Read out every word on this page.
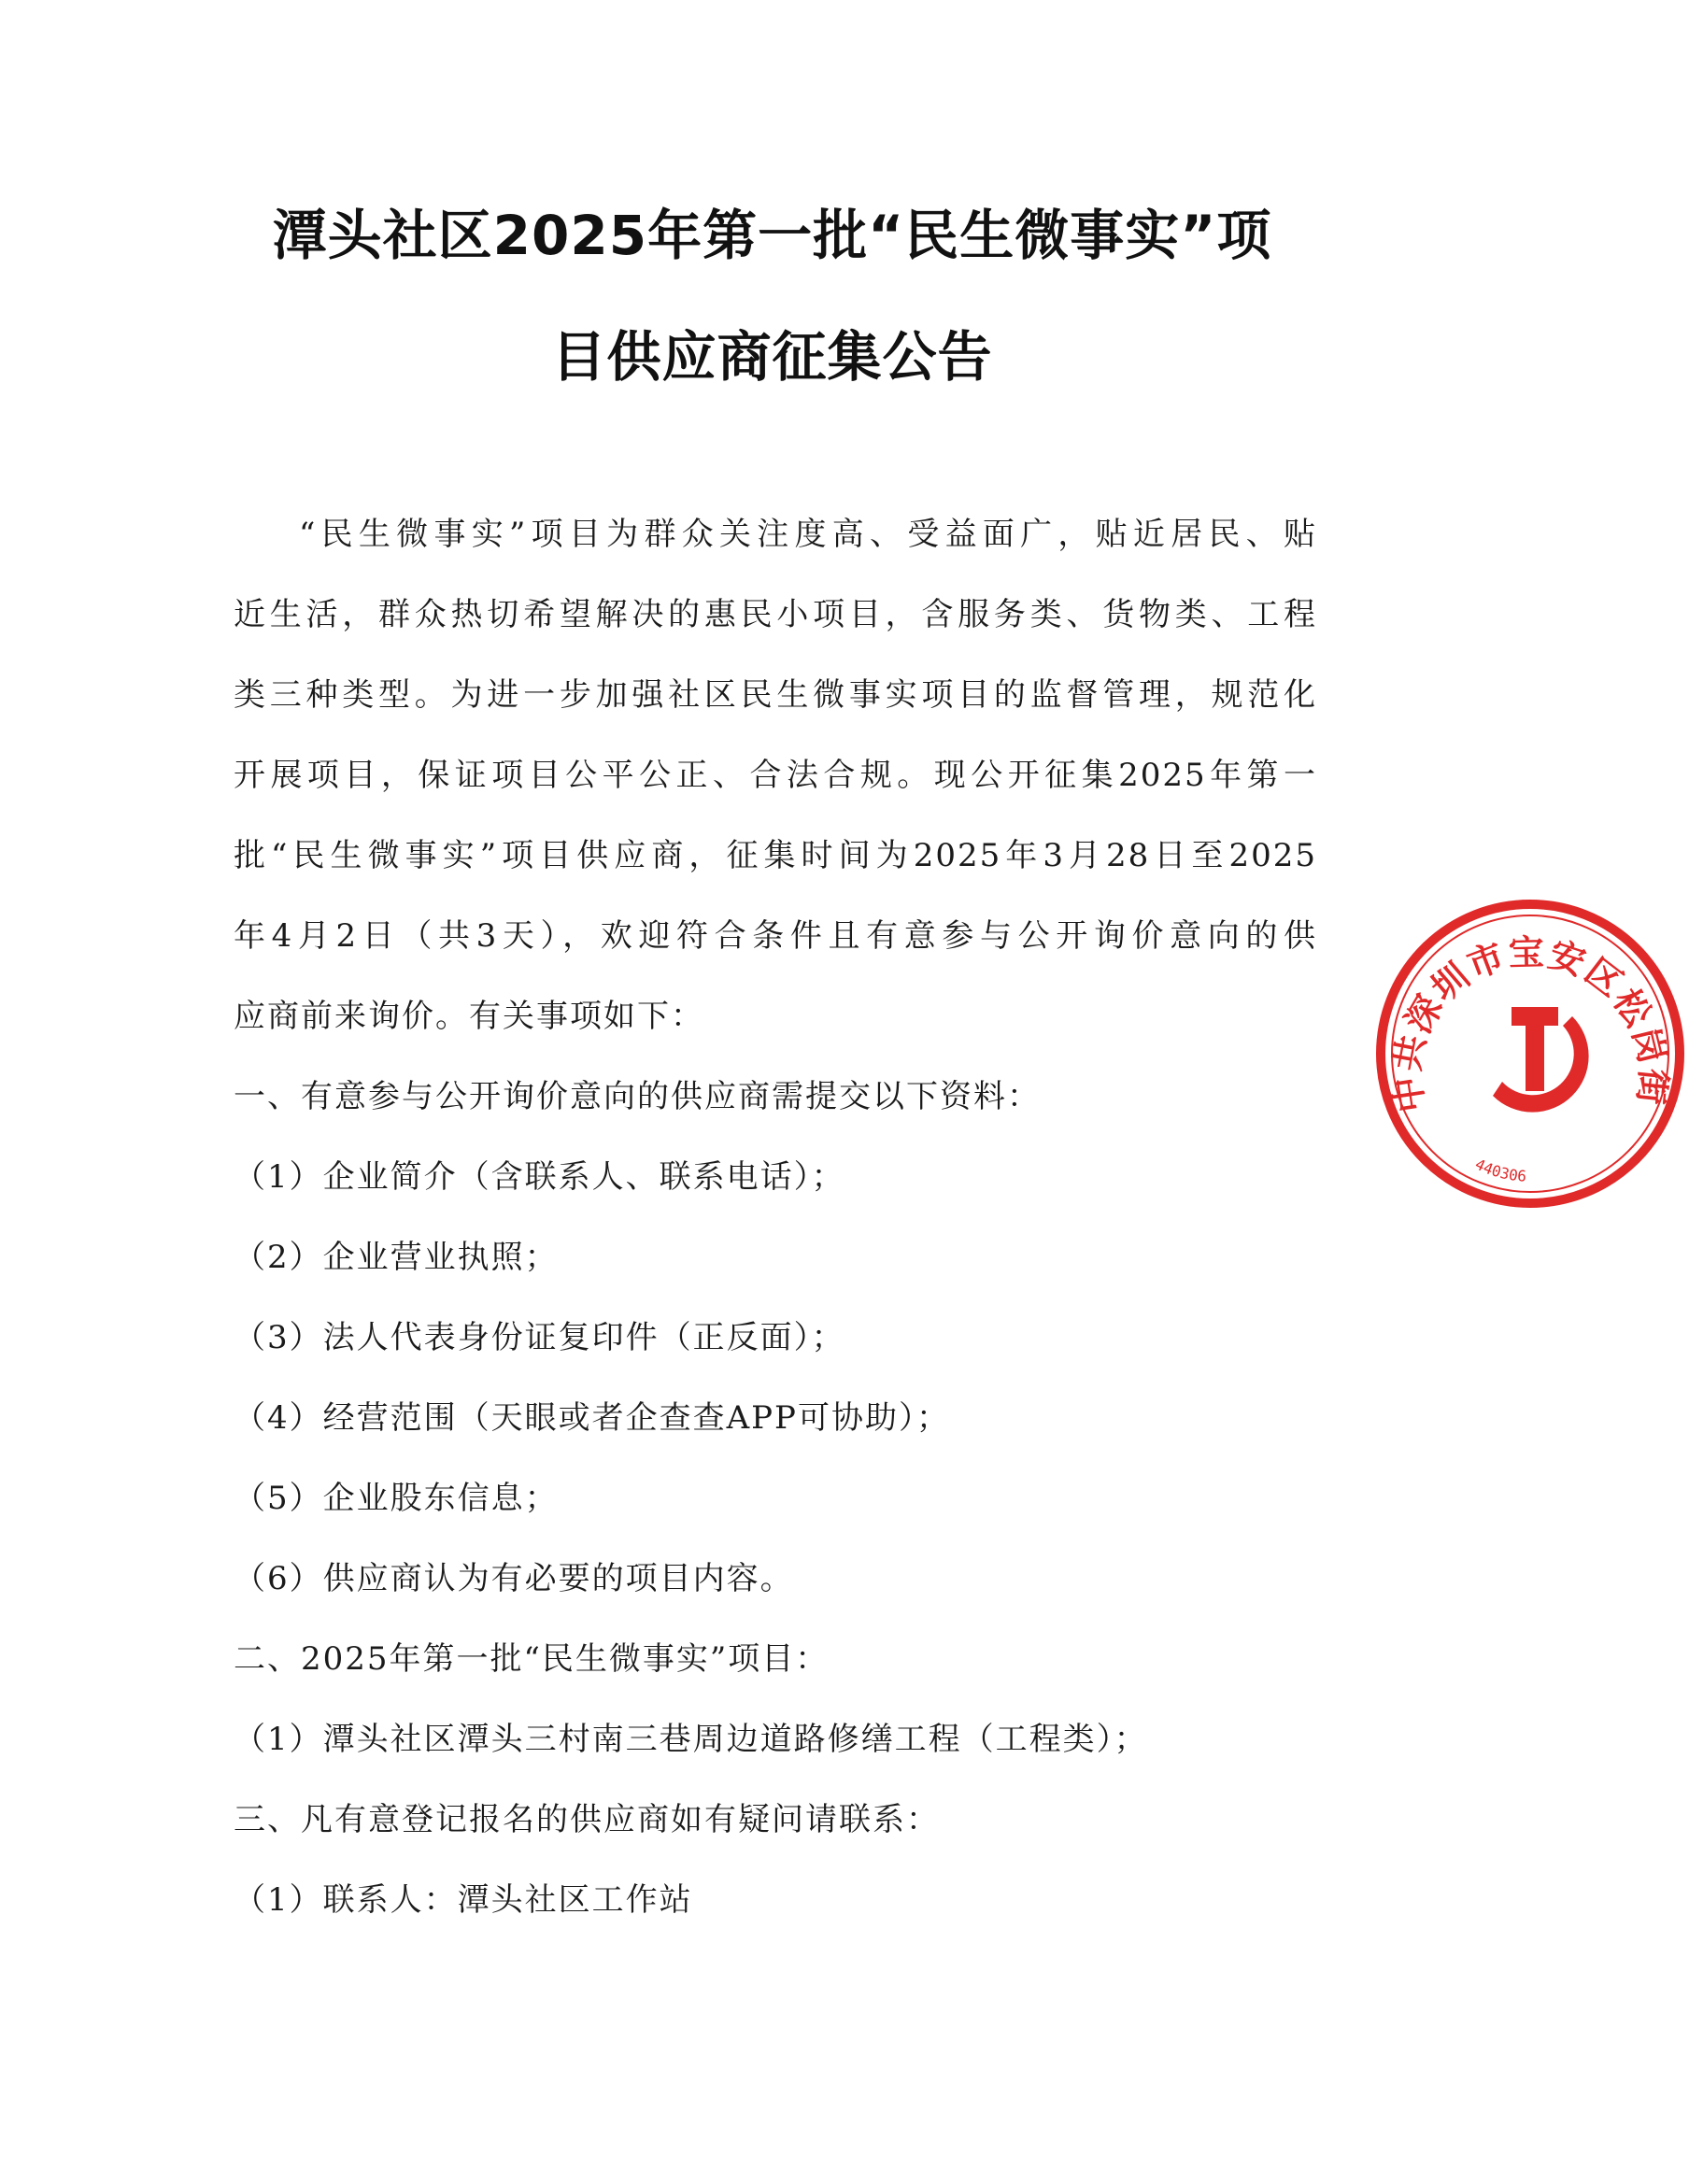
潭头社区2025年第一批“民生微事实”项
目供应商征集公告
“民生微事实”项目为群众关注度高、受益面广，贴近居民、贴
近生活，群众热切希望解决的惠民小项目，含服务类、货物类、工程
类三种类型。为进一步加强社区民生微事实项目的监督管理，规范化
开展项目，保证项目公平公正、合法合规。现公开征集2025年第一
批“民生微事实”项目供应商，征集时间为2025年3月28日至2025
年4月2日（共3天），欢迎符合条件且有意参与公开询价意向的供
应商前来询价。有关事项如下：
一、有意参与公开询价意向的供应商需提交以下资料：
（1）企业简介（含联系人、联系电话）；
（2）企业营业执照；
（3）法人代表身份证复印件（正反面）；
（4）经营范围（天眼或者企查查APP可协助）；
（5）企业股东信息；
（6）供应商认为有必要的项目内容。
二、2025年第一批“民生微事实”项目：
（1）潭头社区潭头三村南三巷周边道路修缮工程（工程类）；
三、凡有意登记报名的供应商如有疑问请联系：
（1）联系人：潭头社区工作站
中共深圳市宝安区松岗街
440306
